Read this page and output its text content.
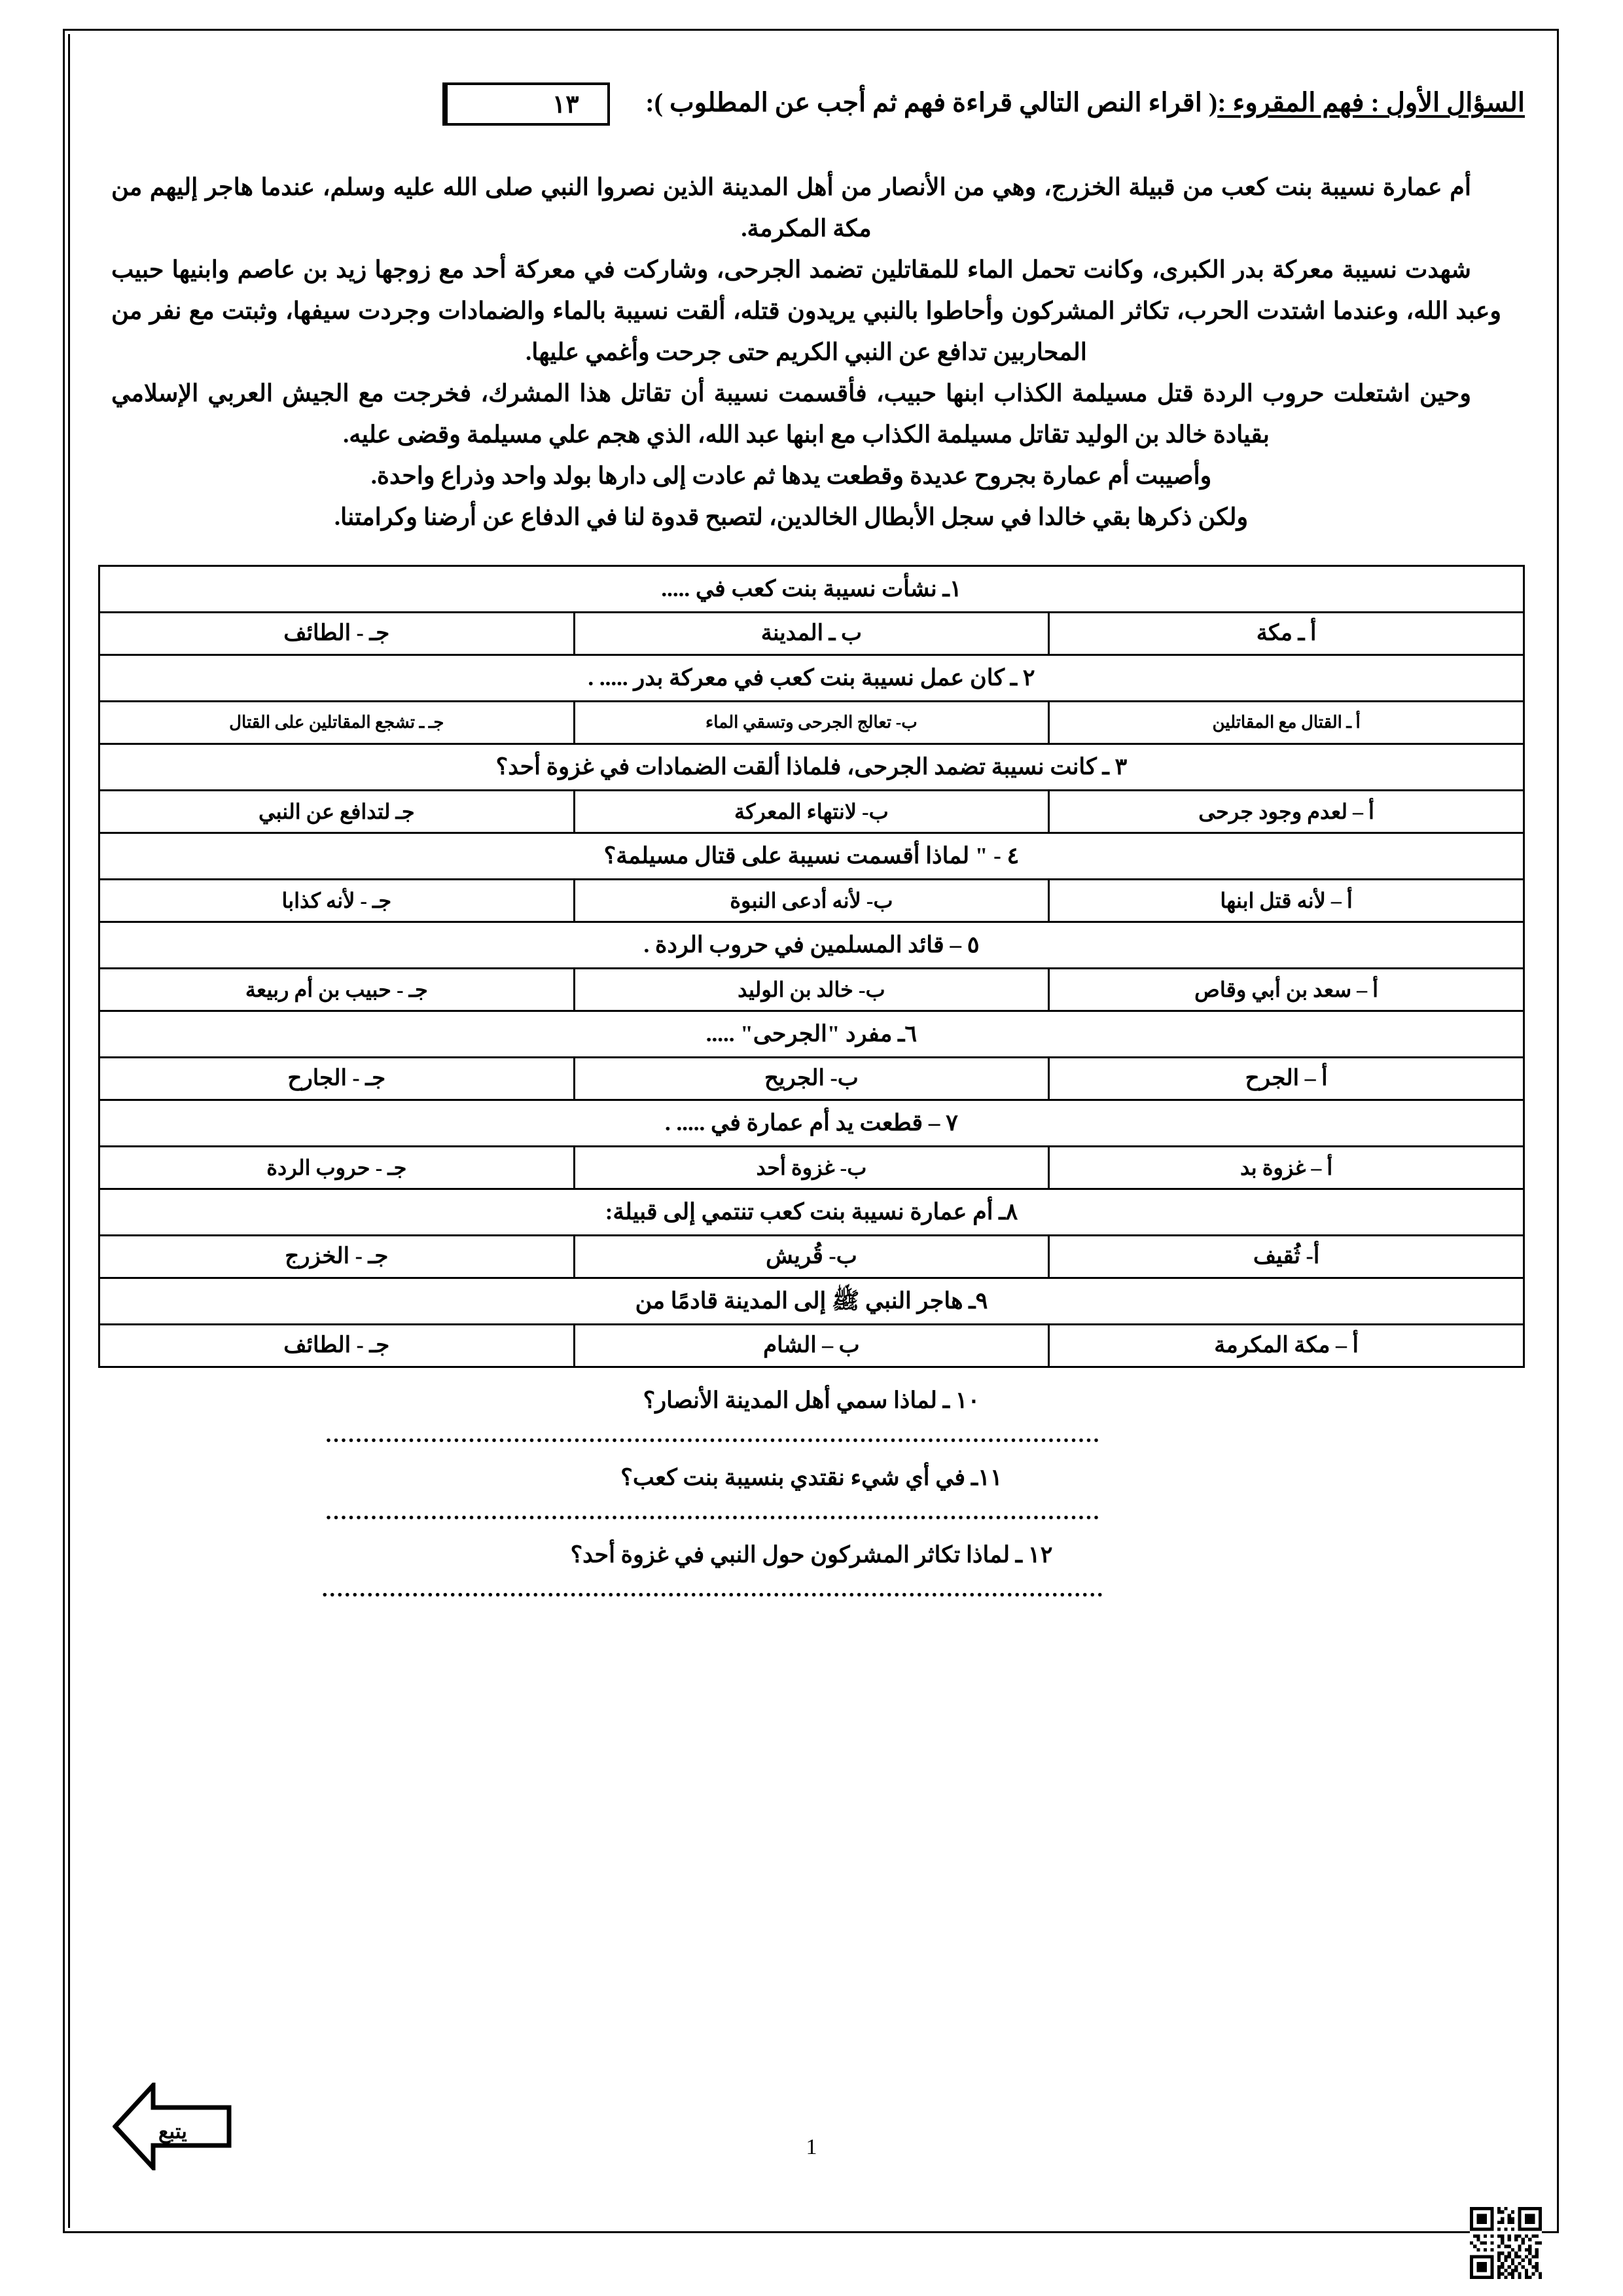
السؤال الأول : فهم المقروء :( اقراء النص التالي قراءة فهم ثم أجب عن المطلوب ):
١٣

أم عمارة نسيبة بنت كعب من قبيلة الخزرج، وهي من الأنصار من أهل المدينة الذين نصروا النبي صلى الله عليه وسلم، عندما هاجر إليهم من مكة المكرمة.

شهدت نسيبة معركة بدر الكبرى، وكانت تحمل الماء للمقاتلين تضمد الجرحى، وشاركت في معركة أحد مع زوجها زيد بن عاصم وابنيها حبيب وعبد الله، وعندما اشتدت الحرب، تكاثر المشركون وأحاطوا بالنبي يريدون قتله، ألقت نسيبة بالماء والضمادات وجردت سيفها، وثبتت مع نفر من المحاربين تدافع عن النبي الكريم حتى جرحت وأغمي عليها.

وحين اشتعلت حروب الردة قتل مسيلمة الكذاب ابنها حبيب، فأقسمت نسيبة أن تقاتل هذا المشرك، فخرجت مع الجيش العربي الإسلامي بقيادة خالد بن الوليد تقاتل مسيلمة الكذاب مع ابنها عبد الله، الذي هجم علي مسيلمة وقضى عليه.

وأصيبت أم عمارة بجروح عديدة وقطعت يدها ثم عادت إلى دارها بولد واحد وذراع واحدة.

ولكن ذكرها بقي خالدا في سجل الأبطال الخالدين، لتصبح قدوة لنا في الدفاع عن أرضنا وكرامتنا.

١ـ نشأت نسيبة بنت كعب في .....		
أ ـ مكة	ب ـ المدينة	جـ - الطائف
٢ ـ كان عمل نسيبة بنت كعب في معركة بدر ..... .		
أ ـ القتال مع المقاتلين	ب- تعالج الجرحى وتسقي الماء	جـ ـ تشجع المقاتلين على القتال
٣ ـ كانت نسيبة تضمد الجرحى، فلماذا ألقت الضمادات في غزوة أحد؟		
أ – لعدم وجود جرحى	ب- لانتهاء المعركة	جـ لتدافع عن النبي
٤ - " لماذا أقسمت نسيبة على قتال مسيلمة؟		
أ – لأنه قتل ابنها	ب- لأنه أدعى النبوة	جـ - لأنه كذابا
٥ – قائد المسلمين في حروب الردة .		
أ – سعد بن أبي وقاص	ب- خالد بن الوليد	جـ - حبيب بن أم ربيعة
٦ـ مفرد "الجرحى" .....		
أ – الجرح	ب- الجريح	جـ - الجارح
٧ – قطعت يد أم عمارة في ..... .		
أ – غزوة بد	ب- غزوة أحد	جـ - حروب الردة
٨ـ أم عمارة نسيبة بنت كعب تنتمي إلى قبيلة:		
أ- ثُقيف	ب- قُريش	جـ - الخزرج
٩ـ هاجر النبي ﷺ إلى المدينة قادمًا من		
أ – مكة المكرمة	ب – الشام	جـ - الطائف
١٠ ـ لماذا سمي أهل المدينة الأنصار؟
.......................................................................................................
١١ـ في أي شيء نقتدي بنسيبة بنت كعب؟
.......................................................................................................
١٢ ـ لماذا تكاثر المشركون حول النبي في غزوة أحد؟
........................................................................................................
يتبع
1
